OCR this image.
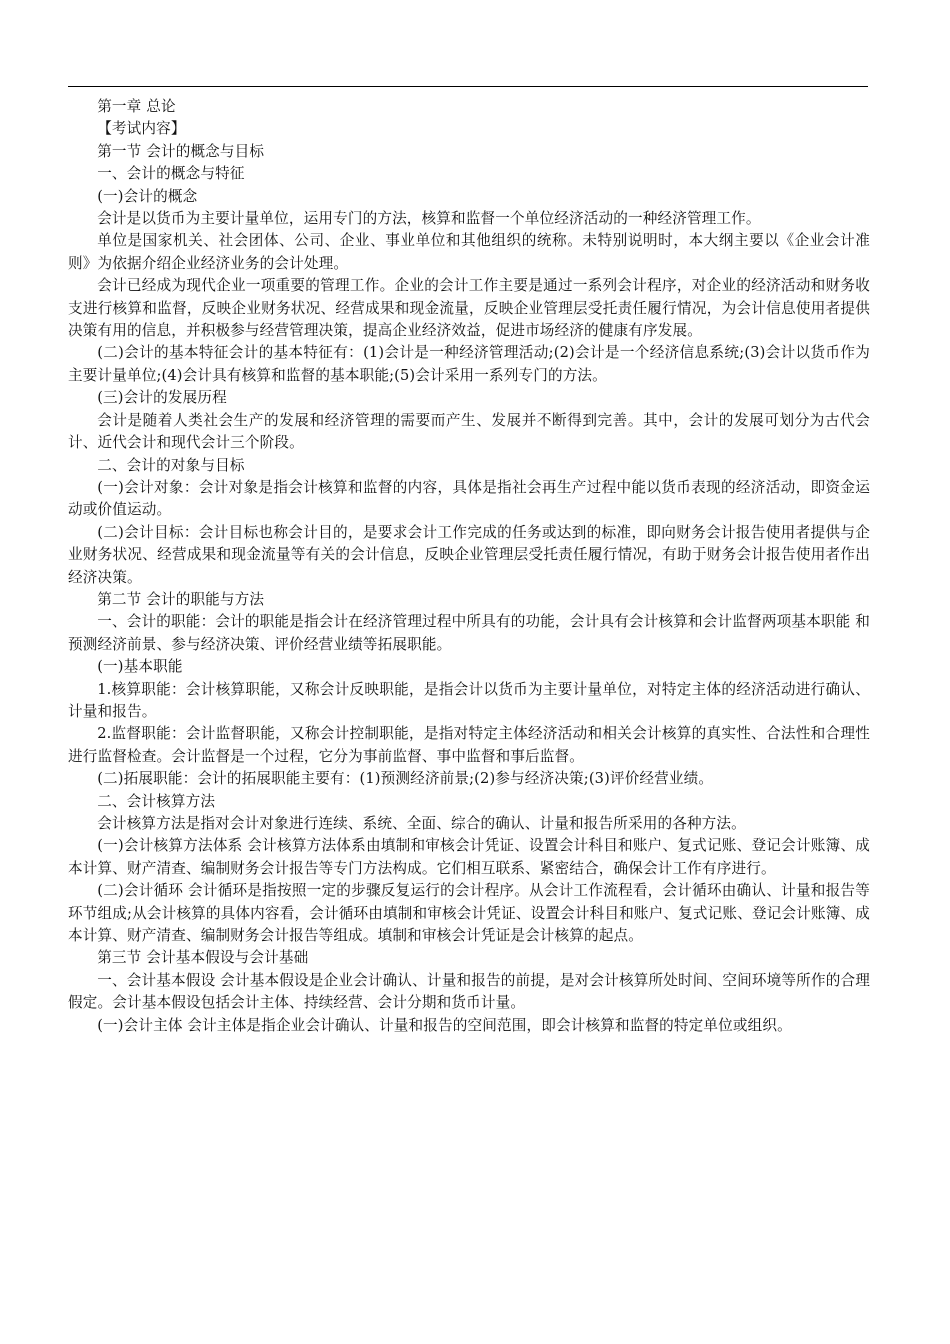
第一章 总论
【考试内容】
第一节 会计的概念与目标
一、会计的概念与特征
(一)会计的概念
会计是以货币为主要计量单位，运用专门的方法，核算和监督一个单位经济活动的一种经济管理工作。
单位是国家机关、社会团体、公司、企业、事业单位和其他组织的统称。未特别说明时，本大纲主要以《企业会计准则》为依据介绍企业经济业务的会计处理。
会计已经成为现代企业一项重要的管理工作。企业的会计工作主要是通过一系列会计程序，对企业的经济活动和财务收支进行核算和监督，反映企业财务状况、经营成果和现金流量，反映企业管理层受托责任履行情况，为会计信息使用者提供决策有用的信息，并积极参与经营管理决策，提高企业经济效益，促进市场经济的健康有序发展。
(二)会计的基本特征会计的基本特征有：(1)会计是一种经济管理活动;(2)会计是一个经济信息系统;(3)会计以货币作为主要计量单位;(4)会计具有核算和监督的基本职能;(5)会计采用一系列专门的方法。
(三)会计的发展历程
会计是随着人类社会生产的发展和经济管理的需要而产生、发展并不断得到完善。其中，会计的发展可划分为古代会计、近代会计和现代会计三个阶段。
二、会计的对象与目标
(一)会计对象：会计对象是指会计核算和监督的内容，具体是指社会再生产过程中能以货币表现的经济活动，即资金运动或价值运动。
(二)会计目标：会计目标也称会计目的，是要求会计工作完成的任务或达到的标准，即向财务会计报告使用者提供与企业财务状况、经营成果和现金流量等有关的会计信息，反映企业管理层受托责任履行情况，有助于财务会计报告使用者作出经济决策。
第二节 会计的职能与方法
一、会计的职能：会计的职能是指会计在经济管理过程中所具有的功能，会计具有会计核算和会计监督两项基本职能 和预测经济前景、参与经济决策、评价经营业绩等拓展职能。
(一)基本职能
1.核算职能：会计核算职能，又称会计反映职能，是指会计以货币为主要计量单位，对特定主体的经济活动进行确认、计量和报告。
2.监督职能：会计监督职能，又称会计控制职能，是指对特定主体经济活动和相关会计核算的真实性、合法性和合理性进行监督检查。会计监督是一个过程，它分为事前监督、事中监督和事后监督。
(二)拓展职能：会计的拓展职能主要有：(1)预测经济前景;(2)参与经济决策;(3)评价经营业绩。
二、会计核算方法
会计核算方法是指对会计对象进行连续、系统、全面、综合的确认、计量和报告所采用的各种方法。
(一)会计核算方法体系 会计核算方法体系由填制和审核会计凭证、设置会计科目和账户、复式记账、登记会计账簿、成本计算、财产清查、编制财务会计报告等专门方法构成。它们相互联系、紧密结合，确保会计工作有序进行。
(二)会计循环 会计循环是指按照一定的步骤反复运行的会计程序。从会计工作流程看，会计循环由确认、计量和报告等环节组成;从会计核算的具体内容看，会计循环由填制和审核会计凭证、设置会计科目和账户、复式记账、登记会计账簿、成本计算、财产清查、编制财务会计报告等组成。填制和审核会计凭证是会计核算的起点。
第三节 会计基本假设与会计基础
一、会计基本假设 会计基本假设是企业会计确认、计量和报告的前提，是对会计核算所处时间、空间环境等所作的合理假定。会计基本假设包括会计主体、持续经营、会计分期和货币计量。
(一)会计主体 会计主体是指企业会计确认、计量和报告的空间范围，即会计核算和监督的特定单位或组织。
